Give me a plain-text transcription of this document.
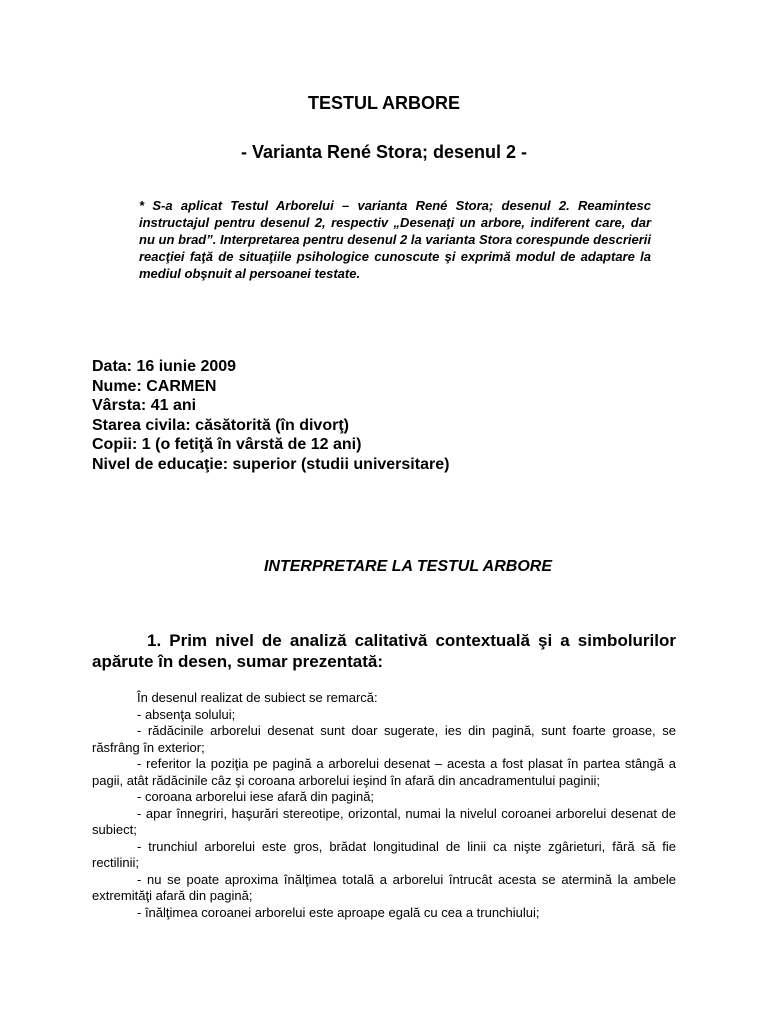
TESTUL ARBORE
- Varianta René Stora; desenul 2 -
* S-a aplicat Testul Arborelui – varianta René Stora; desenul 2. Reamintesc instructajul pentru desenul 2, respectiv „Desenaţi un arbore, indiferent care, dar nu un brad”. Interpretarea pentru desenul 2 la varianta Stora corespunde descrierii reacţiei faţă de situaţiile psihologice cunoscute şi exprimă modul de adaptare la mediul obşnuit al persoanei testate.
Data: 16 iunie 2009
Nume: CARMEN
Vârsta: 41 ani
Starea civila: căsătorită (în divorţ)
Copii: 1 (o fetiţă în vârstă de 12 ani)
Nivel de educaţie: superior (studii universitare)
INTERPRETARE LA TESTUL ARBORE
1. Prim nivel de analiză calitativă contextuală şi a simbolurilor apărute în desen, sumar prezentată:

În desenul realizat de subiect se remarcă:

- absenţa solului;

- rădăcinile arborelui desenat sunt doar sugerate, ies din pagină, sunt foarte groase, se răsfrâng în exterior;

- referitor la poziţia pe pagină a arborelui desenat – acesta a fost plasat în partea stângă a pagii, atât rădăcinile câz şi coroana arborelui ieşind în afară din ancadramentului paginii;

- coroana arborelui iese afară din pagină;

- apar înnegriri, haşurări stereotipe, orizontal, numai la nivelul coroanei arborelui desenat de subiect;

- trunchiul arborelui este gros, brădat longitudinal de linii ca nişte zgârieturi, fără să fie rectilinii;

- nu se poate aproxima înălţimea totală a arborelui întrucât acesta se atermină la ambele extremităţi afară din pagină;

- înălţimea coroanei arborelui este aproape egală cu cea a trunchiului;
